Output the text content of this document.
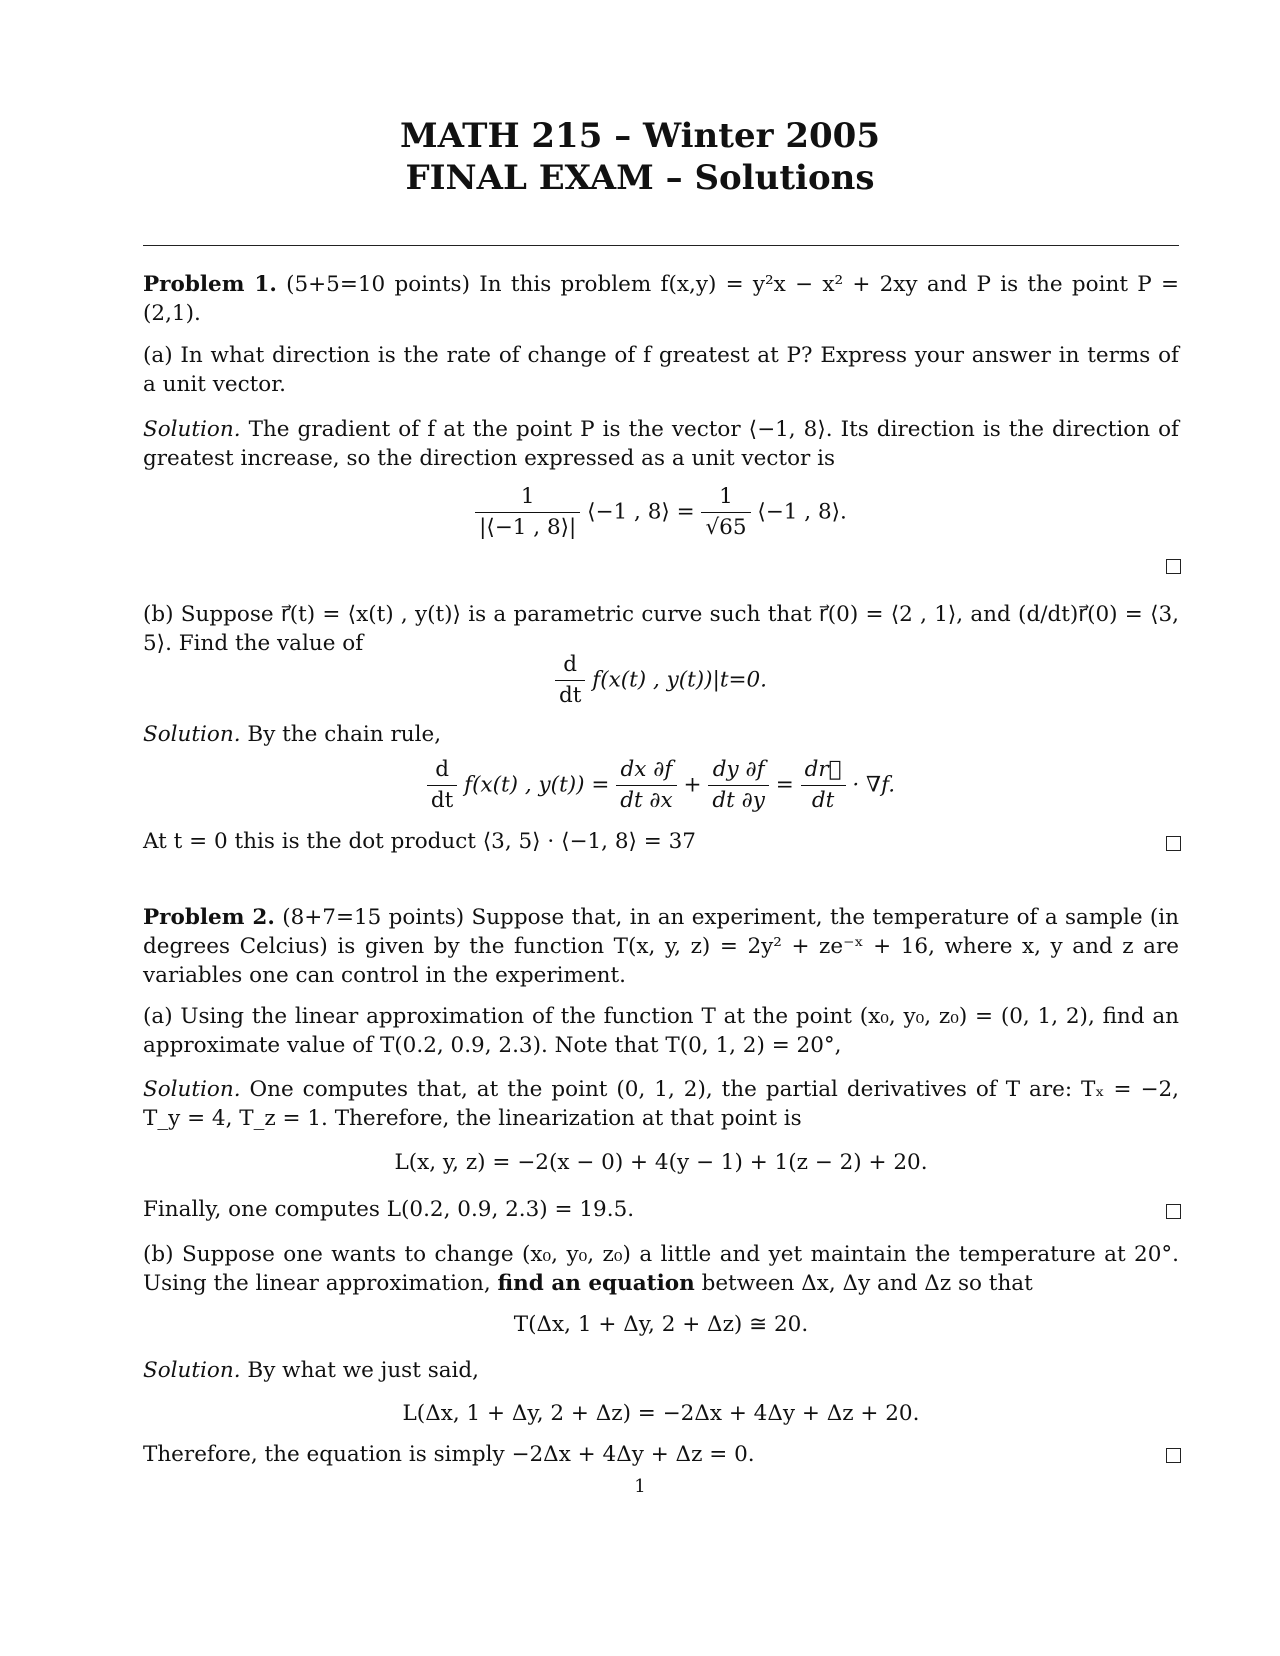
MATH 215 – Winter 2005
FINAL EXAM – Solutions
Problem 1. (5+5=10 points) In this problem f(x,y) = y²x − x² + 2xy and P is the point P = (2,1).
(a) In what direction is the rate of change of f greatest at P? Express your answer in terms of a unit vector.
Solution. The gradient of f at the point P is the vector ⟨−1, 8⟩. Its direction is the direction of greatest increase, so the direction expressed as a unit vector is
$\frac{1}{|⟨-1 , 8⟩|}$ ⟨−1 , 8⟩ = $\frac{1}{√65}$ ⟨−1 , 8⟩.
(b) Suppose r⃗(t) = ⟨x(t) , y(t)⟩ is a parametric curve such that r⃗(0) = ⟨2 , 1⟩, and (d/dt)r⃗(0) = ⟨3, 5⟩. Find the value of
$\frac{d}{dt} f(x(t)$ , y(t))|t=0.
Solution. By the chain rule,
$\frac{d}{dt} f(x(t)$ , $y(t)) = \frac{dx \partial f}{dt \partial x} + \frac{dy \partial f}{dt \partial y} = \frac{dr⃗}{dt} \cdot \nabla f$.
At t = 0 this is the dot product ⟨3, 5⟩ · ⟨−1, 8⟩ = 37
Problem 2. (8+7=15 points) Suppose that, in an experiment, the temperature of a sample (in degrees Celcius) is given by the function T(x, y, z) = 2y² + ze⁻ˣ + 16, where x, y and z are variables one can control in the experiment.
(a) Using the linear approximation of the function T at the point (x₀, y₀, z₀) = (0, 1, 2), find an approximate value of T(0.2, 0.9, 2.3). Note that T(0, 1, 2) = 20°,
Solution. One computes that, at the point (0, 1, 2), the partial derivatives of T are: Tₓ = −2, T_y = 4, T_z = 1. Therefore, the linearization at that point is
L(x, y, z) = −2(x − 0) + 4(y − 1) + 1(z − 2) + 20.
Finally, one computes L(0.2, 0.9, 2.3) = 19.5.
(b) Suppose one wants to change (x₀, y₀, z₀) a little and yet maintain the temperature at 20°. Using the linear approximation, find an equation between Δx, Δy and Δz so that
T(Δx, 1 + Δy, 2 + Δz) ≅ 20.
Solution. By what we just said,
L(Δx, 1 + Δy, 2 + Δz) = −2Δx + 4Δy + Δz + 20.
Therefore, the equation is simply −2Δx + 4Δy + Δz = 0.
1
